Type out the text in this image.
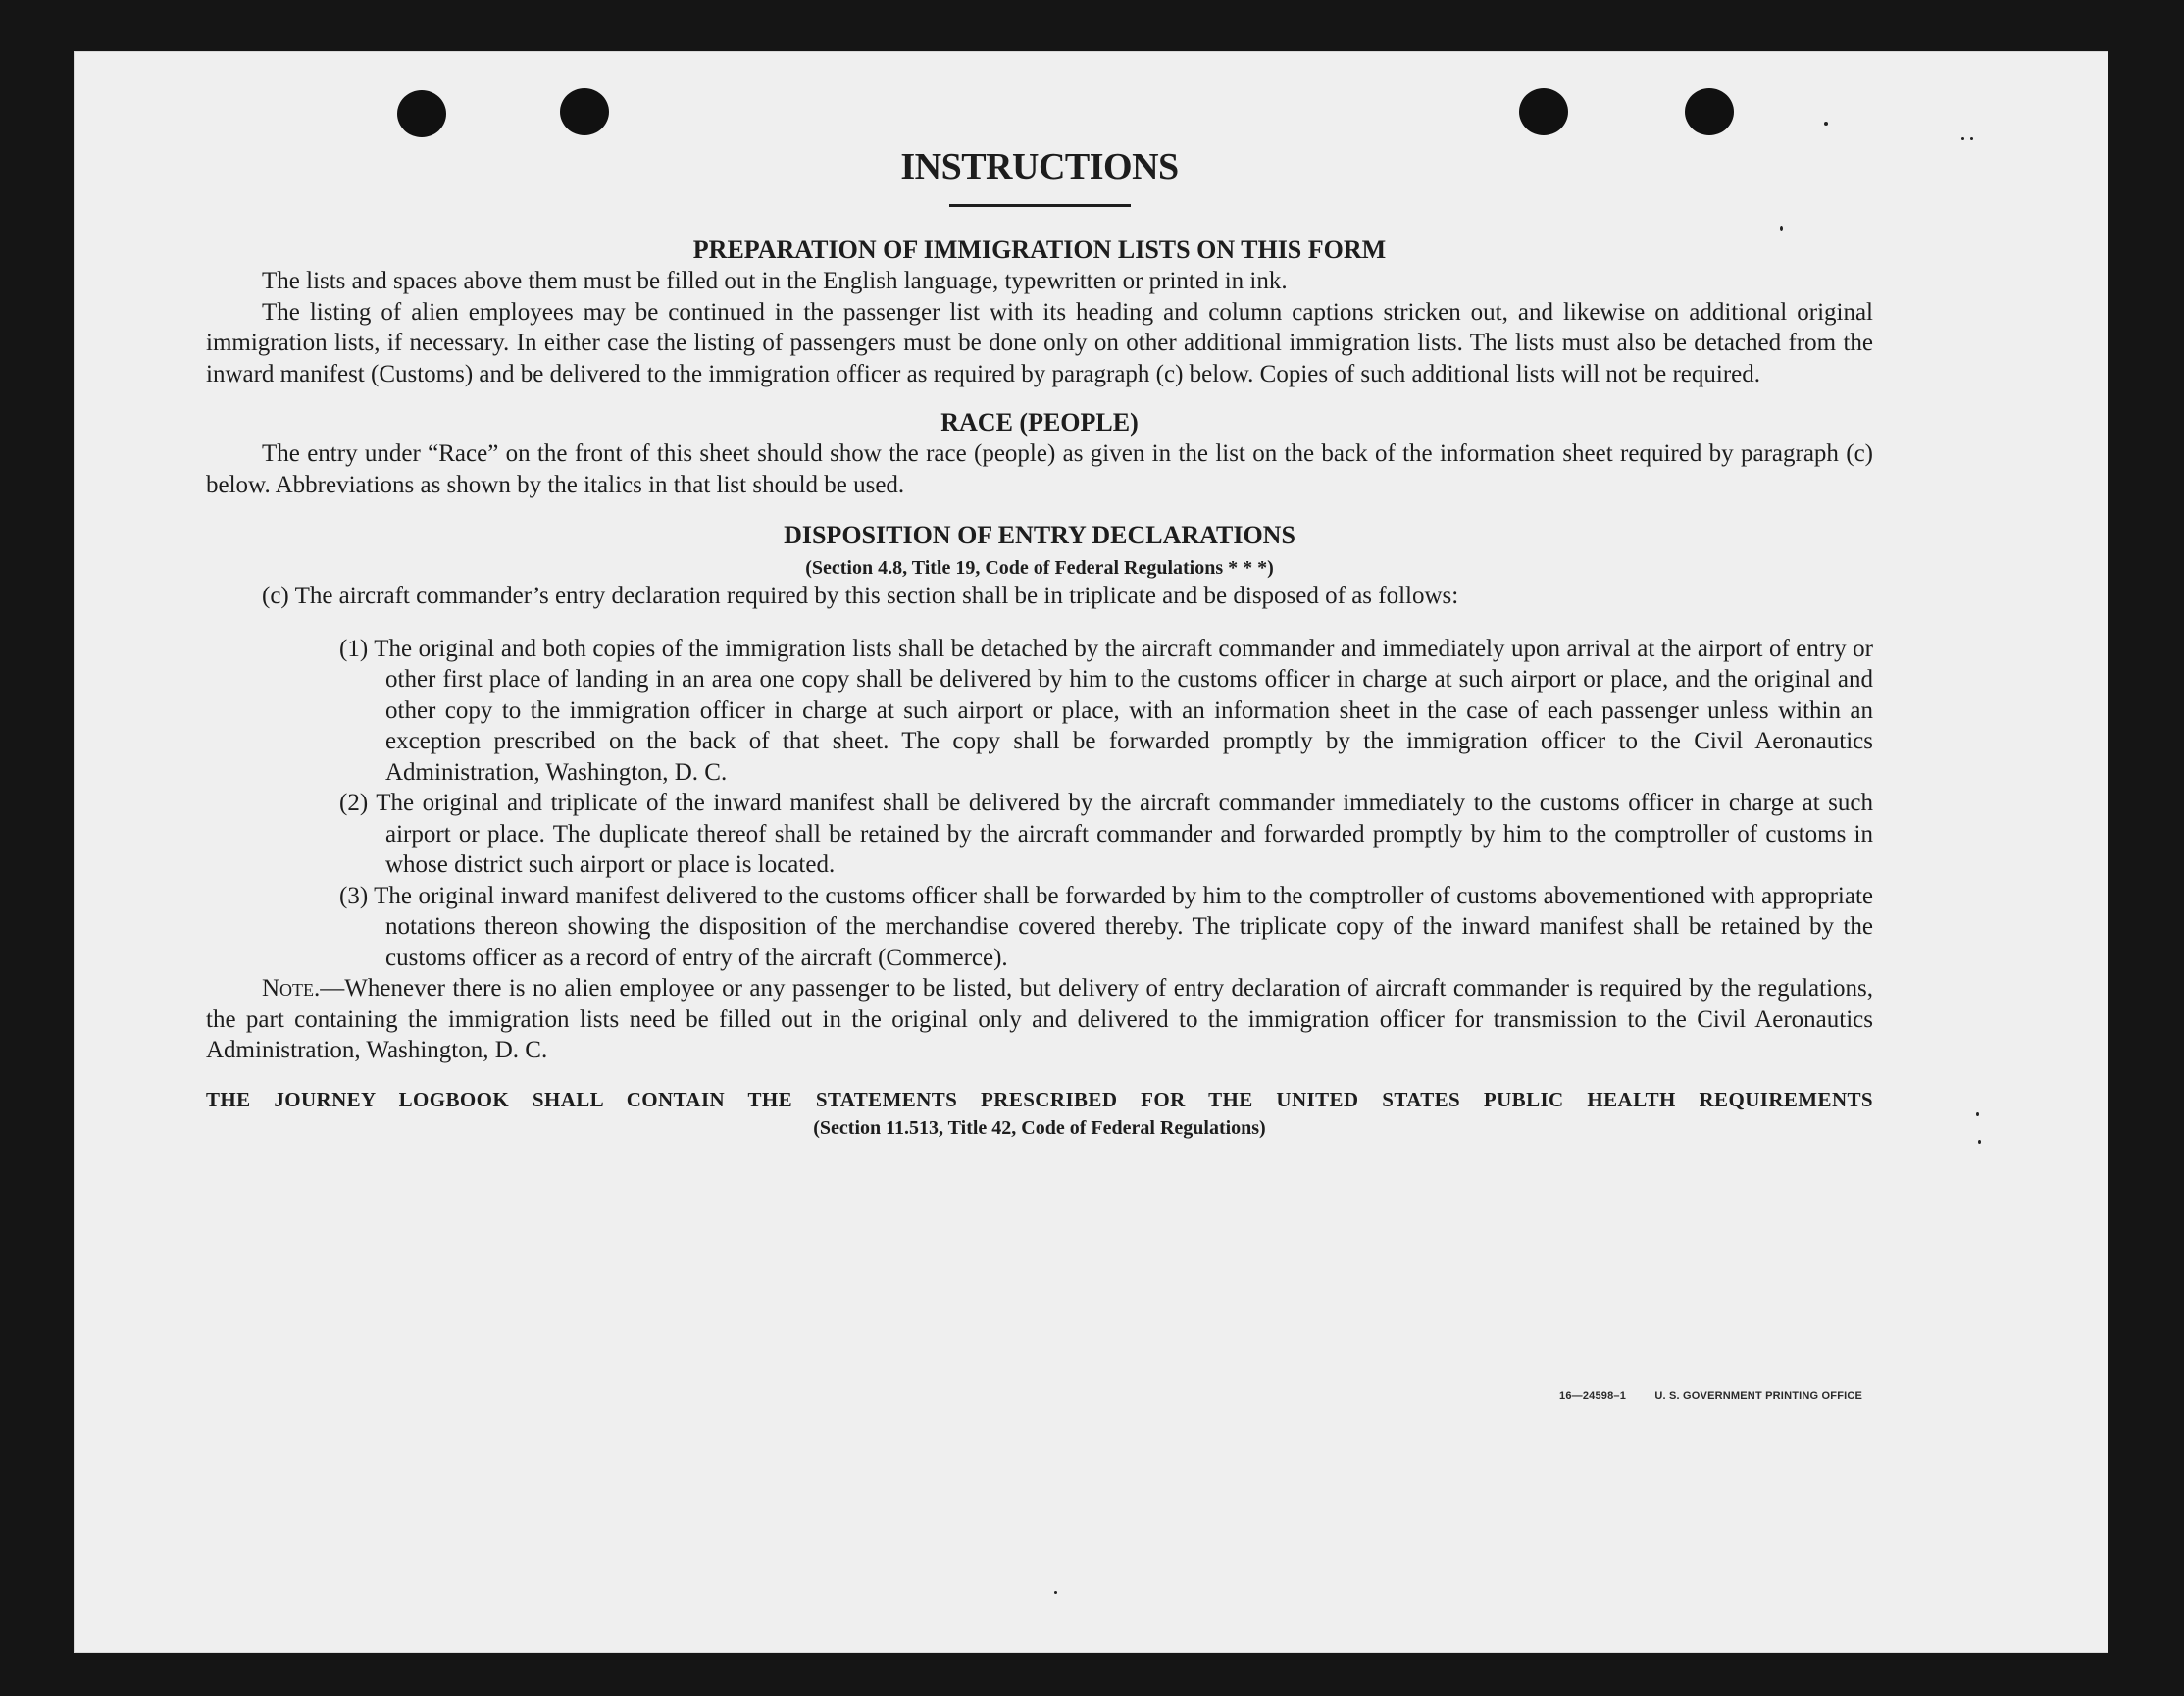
INSTRUCTIONS
PREPARATION OF IMMIGRATION LISTS ON THIS FORM

The lists and spaces above them must be filled out in the English language, typewritten or printed in ink.

The listing of alien employees may be continued in the passenger list with its heading and column captions stricken out, and likewise on additional original immigration lists, if necessary. In either case the listing of passengers must be done only on other additional immigration lists. The lists must also be detached from the inward manifest (Customs) and be delivered to the immigration officer as required by paragraph (c) below. Copies of such additional lists will not be required.

RACE (PEOPLE)

The entry under “Race” on the front of this sheet should show the race (people) as given in the list on the back of the information sheet required by paragraph (c) below. Abbreviations as shown by the italics in that list should be used.

DISPOSITION OF ENTRY DECLARATIONS
(Section 4.8, Title 19, Code of Federal Regulations * * *)

(c) The aircraft commander’s entry declaration required by this section shall be in triplicate and be disposed of as follows:

(1) The original and both copies of the immigration lists shall be detached by the aircraft commander and immediately upon arrival at the airport of entry or other first place of landing in an area one copy shall be delivered by him to the customs officer in charge at such airport or place, and the original and other copy to the immigration officer in charge at such airport or place, with an information sheet in the case of each passenger unless within an exception prescribed on the back of that sheet. The copy shall be forwarded promptly by the immigration officer to the Civil Aeronautics Administration, Washington, D. C.

(2) The original and triplicate of the inward manifest shall be delivered by the aircraft commander immediately to the customs officer in charge at such airport or place. The duplicate thereof shall be retained by the aircraft commander and forwarded promptly by him to the comptroller of customs in whose district such airport or place is located.

(3) The original inward manifest delivered to the customs officer shall be forwarded by him to the comptroller of customs abovementioned with appropriate notations thereon showing the disposition of the merchandise covered thereby. The triplicate copy of the inward manifest shall be retained by the customs officer as a record of entry of the aircraft (Commerce).

Note.—Whenever there is no alien employee or any passenger to be listed, but delivery of entry declaration of aircraft commander is required by the regulations, the part containing the immigration lists need be filled out in the original only and delivered to the immigration officer for transmission to the Civil Aeronautics Administration, Washington, D. C.

THE JOURNEY LOGBOOK SHALL CONTAIN THE STATEMENTS PRESCRIBED FOR THE UNITED STATES PUBLIC HEALTH REQUIREMENTS
(Section 11.513, Title 42, Code of Federal Regulations)
16—24598–1	U. S. GOVERNMENT PRINTING OFFICE
